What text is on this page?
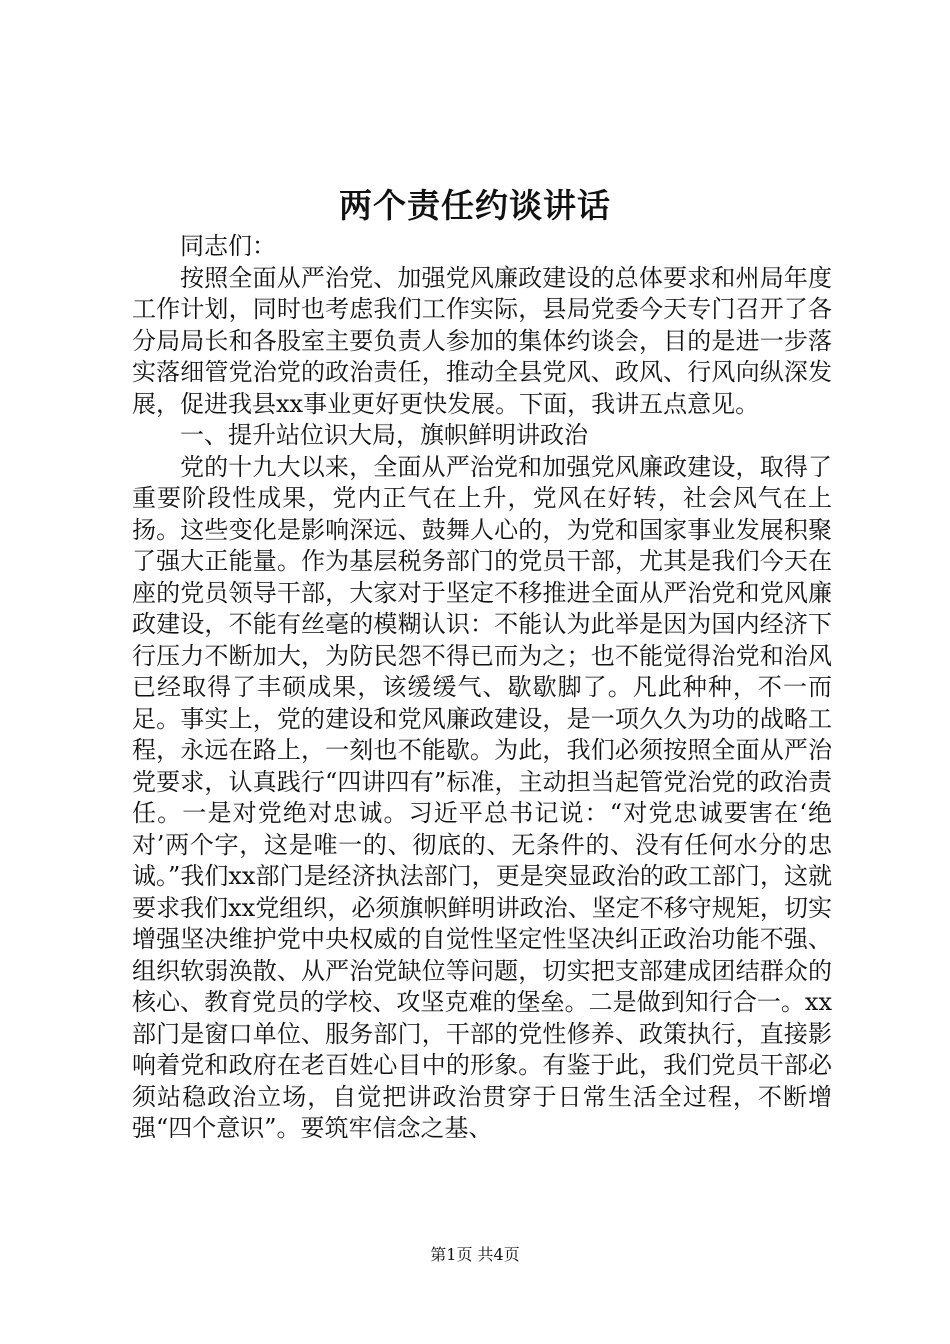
两个责任约谈讲话

同志们：

按照全面从严治党、加强党风廉政建设的总体要求和州局年度工作计划，同时也考虑我们工作实际，县局党委今天专门召开了各分局局长和各股室主要负责人参加的集体约谈会，目的是进一步落实落细管党治党的政治责任，推动全县党风、政风、行风向纵深发展，促进我县xx事业更好更快发展。下面，我讲五点意见。

一、提升站位识大局，旗帜鲜明讲政治

党的十九大以来，全面从严治党和加强党风廉政建设，取得了重要阶段性成果，党内正气在上升，党风在好转，社会风气在上扬。这些变化是影响深远、鼓舞人心的，为党和国家事业发展积聚了强大正能量。作为基层税务部门的党员干部，尤其是我们今天在座的党员领导干部，大家对于坚定不移推进全面从严治党和党风廉政建设，不能有丝毫的模糊认识：不能认为此举是因为国内经济下行压力不断加大，为防民怨不得已而为之；也不能觉得治党和治风已经取得了丰硕成果，该缓缓气、歇歇脚了。凡此种种，不一而足。事实上，党的建设和党风廉政建设，是一项久久为功的战略工程，永远在路上，一刻也不能歇。为此，我们必须按照全面从严治党要求，认真践行“四讲四有”标准，主动担当起管党治党的政治责任。一是对党绝对忠诚。习近平总书记说：“对党忠诚要害在‘绝对’两个字，这是唯一的、彻底的、无条件的、没有任何水分的忠诚。”我们xx部门是经济执法部门，更是突显政治的政工部门，这就要求我们xx党组织，必须旗帜鲜明讲政治、坚定不移守规矩，切实增强坚决维护党中央权威的自觉性坚定性坚决纠正政治功能不强、组织软弱涣散、从严治党缺位等问题，切实把支部建成团结群众的核心、教育党员的学校、攻坚克难的堡垒。二是做到知行合一。xx部门是窗口单位、服务部门，干部的党性修养、政策执行，直接影响着党和政府在老百姓心目中的形象。有鉴于此，我们党员干部必须站稳政治立场，自觉把讲政治贯穿于日常生活全过程，不断增强“四个意识”。要筑牢信念之基、

第1页 共4页
